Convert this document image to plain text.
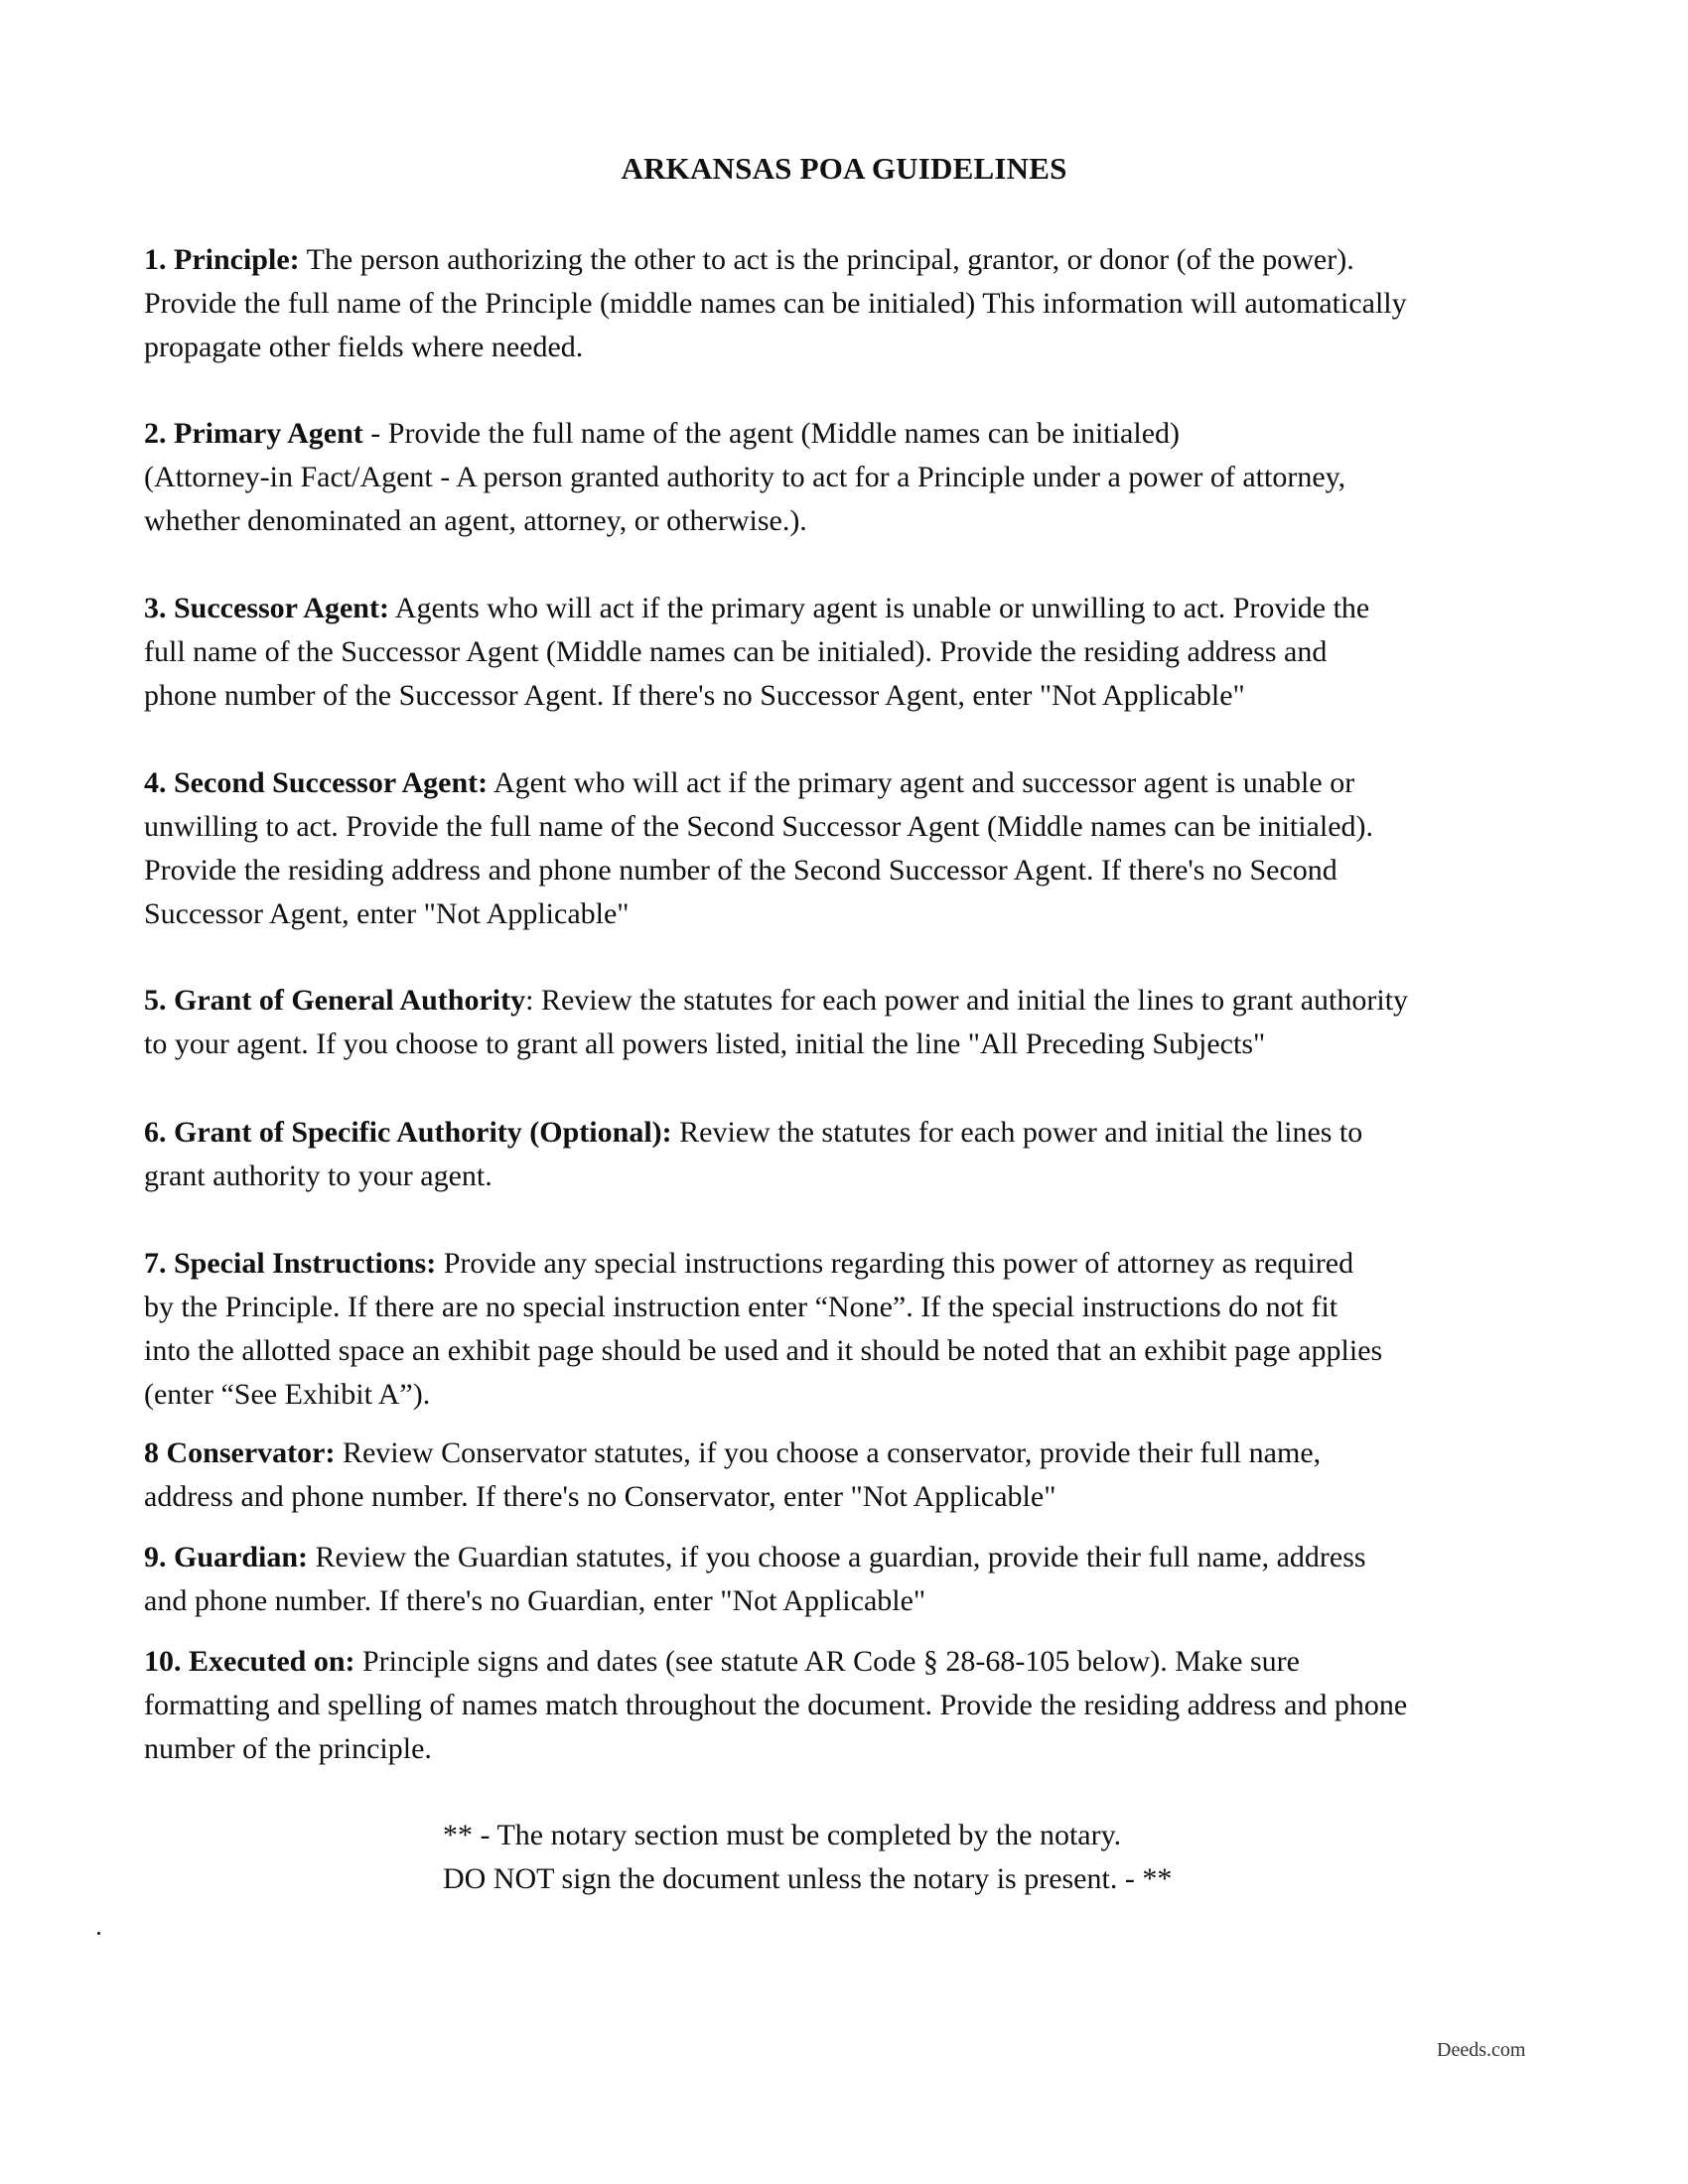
ARKANSAS POA GUIDELINES
1. Principle: The person authorizing the other to act is the principal, grantor, or donor (of the power).
Provide the full name of the Principle (middle names can be initialed) This information will automatically
propagate other fields where needed.
2. Primary Agent - Provide the full name of the agent (Middle names can be initialed)
(Attorney-in Fact/Agent - A person granted authority to act for a Principle under a power of attorney,
whether denominated an agent, attorney, or otherwise.).
3. Successor Agent: Agents who will act if the primary agent is unable or unwilling to act. Provide the
full name of the Successor Agent (Middle names can be initialed). Provide the residing address and
phone number of the Successor Agent. If there's no Successor Agent, enter "Not Applicable"
4. Second Successor Agent: Agent who will act if the primary agent and successor agent is unable or
unwilling to act. Provide the full name of the Second Successor Agent (Middle names can be initialed).
Provide the residing address and phone number of the Second Successor Agent. If there's no Second
Successor Agent, enter "Not Applicable"
5. Grant of General Authority: Review the statutes for each power and initial the lines to grant authority
to your agent. If you choose to grant all powers listed, initial the line "All Preceding Subjects"
6. Grant of Specific Authority (Optional): Review the statutes for each power and initial the lines to
grant authority to your agent.
7. Special Instructions: Provide any special instructions regarding this power of attorney as required
by the Principle. If there are no special instruction enter “None”. If the special instructions do not fit
into the allotted space an exhibit page should be used and it should be noted that an exhibit page applies
(enter “See Exhibit A”).
8 Conservator: Review Conservator statutes, if you choose a conservator, provide their full name,
address and phone number. If there's no Conservator, enter "Not Applicable"
9. Guardian: Review the Guardian statutes, if you choose a guardian, provide their full name, address
and phone number. If there's no Guardian, enter "Not Applicable"
10. Executed on: Principle signs and dates (see statute AR Code § 28-68-105 below). Make sure
formatting and spelling of names match throughout the document. Provide the residing address and phone
number of the principle.
** - The notary section must be completed by the notary.
DO NOT sign the document unless the notary is present. - **
Deeds.com
